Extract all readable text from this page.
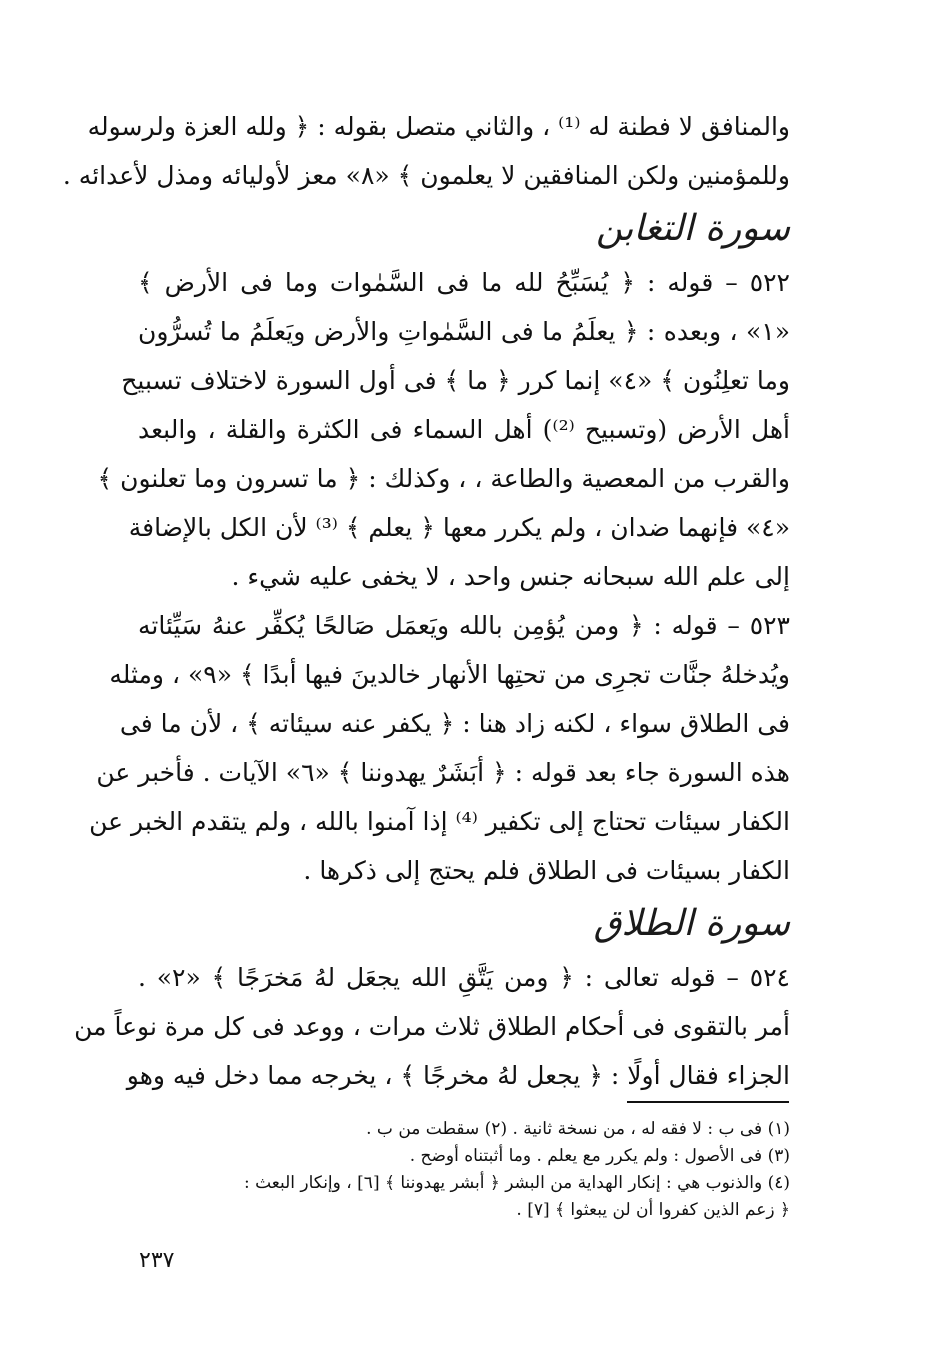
والمنافق لا فطنة له ⁽¹⁾ ، والثاني متصل بقوله : ﴿ ولله العزة ولرسوله
وللمؤمنين ولكن المنافقين لا يعلمون ﴾ «٨» معز لأوليائه ومذل لأعدائه .
سورة التغابن
٥٢٢ – قوله : ﴿ يُسَبِّحُ لله ما فى السَّمٰوات وما فى الأرض ﴾
«١» ، وبعده : ﴿ يعلَمُ ما فى السَّمٰواتِ والأرض ويَعلَمُ ما تُسرُّون
وما تعلِنُون ﴾ «٤» إنما كرر ﴿ ما ﴾ فى أول السورة لاختلاف تسبيح
أهل الأرض (وتسبيح ⁽²⁾) أهل السماء فى الكثرة والقلة ، والبعد
والقرب من المعصية والطاعة ، ، وكذلك : ﴿ ما تسرون وما تعلنون ﴾
«٤» فإنهما ضدان ، ولم يكرر معها ﴿ يعلم ﴾ ⁽³⁾ لأن الكل بالإضافة
إلى علم الله سبحانه جنس واحد ، لا يخفى عليه شيء .
٥٢٣ – قوله : ﴿ ومن يُؤمِن بالله ويَعمَل صَالحًا يُكفِّر عنهُ سَيِّئاته
ويُدخلهُ جنَّات تجرِى من تحتِها الأنهار خالدينَ فيها أبدًا ﴾ «٩» ، ومثله
فى الطلاق سواء ، لكنه زاد هنا : ﴿ يكفر عنه سيئاته ﴾ ، لأن ما فى
هذه السورة جاء بعد قوله : ﴿ أبَشَرٌ يهدوننا ﴾ «٦» الآيات . فأخبر عن
الكفار سيئات تحتاج إلى تكفير ⁽⁴⁾ إذا آمنوا بالله ، ولم يتقدم الخبر عن
الكفار بسيئات فى الطلاق فلم يحتج إلى ذكرها .
سورة الطلاق
٥٢٤ – قوله تعالى : ﴿ ومن يَتَّقِ الله يجعَل لهُ مَخرَجًا ﴾ «٢» .
أمر بالتقوى فى أحكام الطلاق ثلاث مرات ، ووعد فى كل مرة نوعاً من
الجزاء فقال أولًا : ﴿ يجعل لهُ مخرجًا ﴾ ، يخرجه مما دخل فيه وهو
(١) فى ب : لا فقه له ، من نسخة ثانية . (٢) سقطت من ب .
(٣) فى الأصول : ولم يكرر مع يعلم . وما أثبتناه أوضح .
(٤) والذنوب هي : إنكار الهداية من البشر ﴿ أبشر يهدوننا ﴾ [٦] ، وإنكار البعث :
﴿ زعم الذين كفروا أن لن يبعثوا ﴾ [٧] .
٢٣٧
